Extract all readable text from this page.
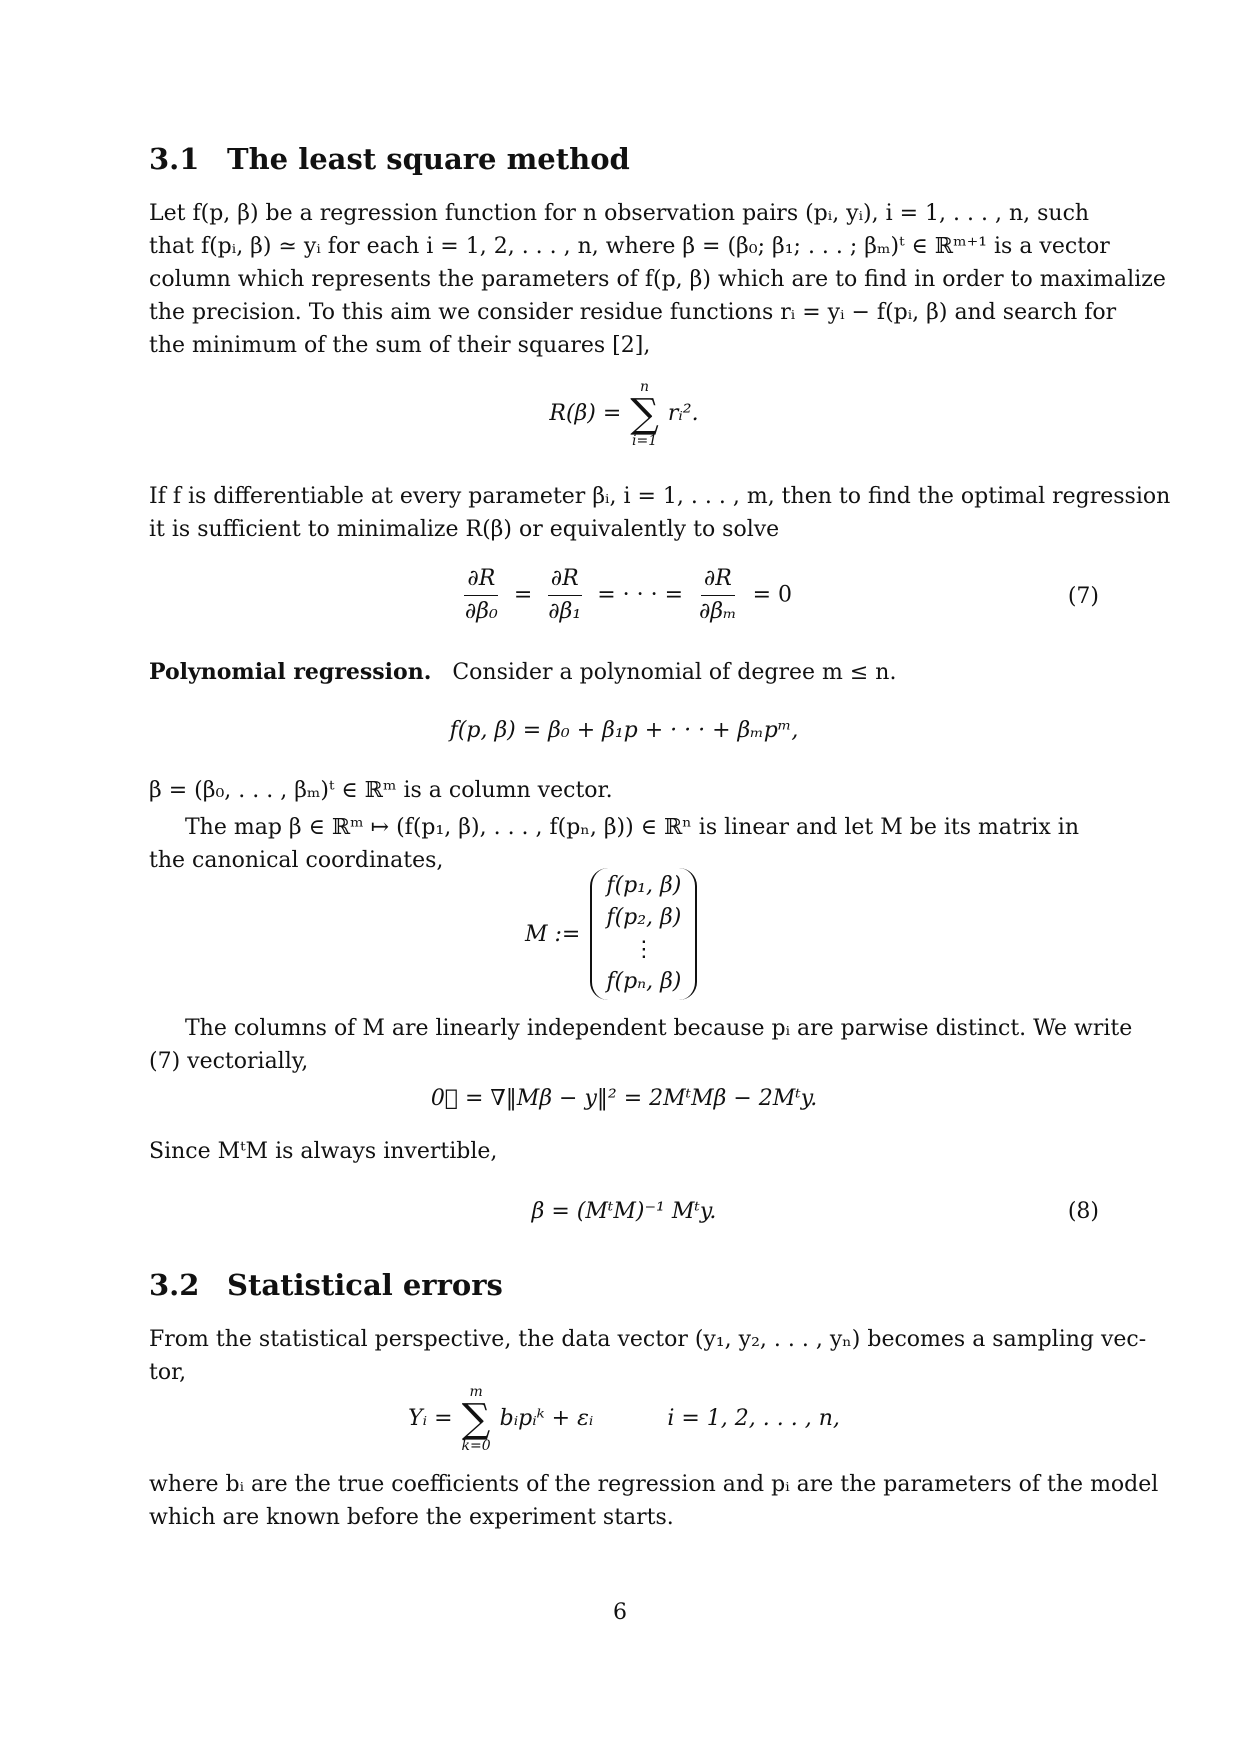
3.1 The least square method
Let f(p, β) be a regression function for n observation pairs (pᵢ, yᵢ), i = 1, . . . , n, such
that f(pᵢ, β) ≃ yᵢ for each i = 1, 2, . . . , n, where β = (β₀; β₁; . . . ; βₘ)ᵗ ∈ ℝᵐ⁺¹ is a vector
column which represents the parameters of f(p, β) which are to find in order to maximalize
the precision. To this aim we consider residue functions rᵢ = yᵢ − f(pᵢ, β) and search for
the minimum of the sum of their squares [2],
R(β) =
n
∑
i=1
rᵢ².
If f is differentiable at every parameter βᵢ, i = 1, . . . , m, then to find the optimal regression
it is sufficient to minimalize R(β) or equivalently to solve
$\frac{\partial R}{\text{∂β₀}} = \frac{\partial R}{\text{∂β₁}}$ = · · · = $\frac{\partial R}{\text{∂βₘ}} = 0$	(7)
Polynomial regression. Consider a polynomial of degree m ≤ n.
f(p, β) = β₀ + β₁p + · · · + βₘpᵐ,
β = (β₀, . . . , βₘ)ᵗ ∈ ℝᵐ is a column vector.
The map β ∈ ℝᵐ ↦ (f(p₁, β), . . . , f(pₙ, β)) ∈ ℝⁿ is linear and let M be its matrix in
the canonical coordinates,
M :=
f(p₁, β)
f(p₂, β)
⋮
f(pₙ, β)
The columns of M are linearly independent because pᵢ are parwise distinct. We write
(7) vectorially,
0⃗ = ∇‖Mβ − y‖² = 2MᵗMβ − 2Mᵗy.
Since MᵗM is always invertible,
β = (MᵗM)⁻¹ Mᵗy.	(8)
3.2 Statistical errors
From the statistical perspective, the data vector (y₁, y₂, . . . , yₙ) becomes a sampling vec-
tor,
Yᵢ =
m
∑
k=0
bᵢpᵢᵏ + εᵢ	i = 1, 2, . . . , n,
where bᵢ are the true coefficients of the regression and pᵢ are the parameters of the model
which are known before the experiment starts.
6
